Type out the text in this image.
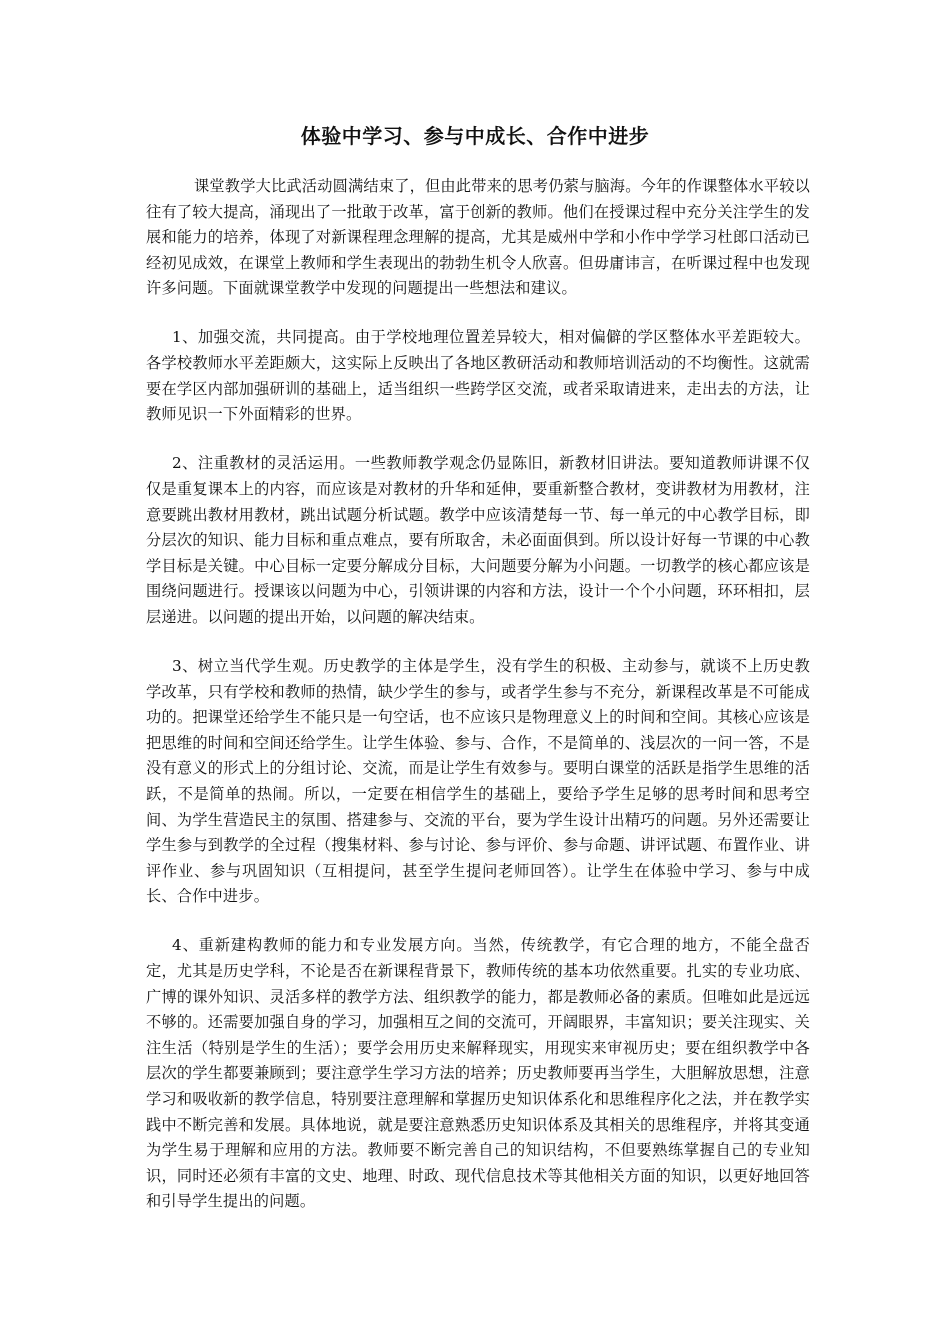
体验中学习、参与中成长、合作中进步

课堂教学大比武活动圆满结束了，但由此带来的思考仍萦与脑海。今年的作课整体水平较以往有了较大提高，涌现出了一批敢于改革，富于创新的教师。他们在授课过程中充分关注学生的发展和能力的培养，体现了对新课程理念理解的提高，尤其是威州中学和小作中学学习杜郎口活动已经初见成效，在课堂上教师和学生表现出的勃勃生机令人欣喜。但毋庸讳言，在听课过程中也发现许多问题。下面就课堂教学中发现的问题提出一些想法和建议。

1、加强交流，共同提高。由于学校地理位置差异较大，相对偏僻的学区整体水平差距较大。各学校教师水平差距颇大，这实际上反映出了各地区教研活动和教师培训活动的不均衡性。这就需要在学区内部加强研训的基础上，适当组织一些跨学区交流，或者采取请进来，走出去的方法，让教师见识一下外面精彩的世界。

2、注重教材的灵活运用。一些教师教学观念仍显陈旧，新教材旧讲法。要知道教师讲课不仅仅是重复课本上的内容，而应该是对教材的升华和延伸，要重新整合教材，变讲教材为用教材，注意要跳出教材用教材，跳出试题分析试题。教学中应该清楚每一节、每一单元的中心教学目标，即分层次的知识、能力目标和重点难点，要有所取舍，未必面面俱到。所以设计好每一节课的中心教学目标是关键。中心目标一定要分解成分目标，大问题要分解为小问题。一切教学的核心都应该是围绕问题进行。授课该以问题为中心，引领讲课的内容和方法，设计一个个小问题，环环相扣，层层递进。以问题的提出开始，以问题的解决结束。

3、树立当代学生观。历史教学的主体是学生，没有学生的积极、主动参与，就谈不上历史教学改革，只有学校和教师的热情，缺少学生的参与，或者学生参与不充分，新课程改革是不可能成功的。把课堂还给学生不能只是一句空话，也不应该只是物理意义上的时间和空间。其核心应该是把思维的时间和空间还给学生。让学生体验、参与、合作，不是简单的、浅层次的一问一答，不是没有意义的形式上的分组讨论、交流，而是让学生有效参与。要明白课堂的活跃是指学生思维的活跃，不是简单的热闹。所以，一定要在相信学生的基础上，要给予学生足够的思考时间和思考空间、为学生营造民主的氛围、搭建参与、交流的平台，要为学生设计出精巧的问题。另外还需要让学生参与到教学的全过程（搜集材料、参与讨论、参与评价、参与命题、讲评试题、布置作业、讲评作业、参与巩固知识（互相提问，甚至学生提问老师回答）。让学生在体验中学习、参与中成长、合作中进步。

4、重新建构教师的能力和专业发展方向。当然，传统教学，有它合理的地方，不能全盘否定，尤其是历史学科，不论是否在新课程背景下，教师传统的基本功依然重要。扎实的专业功底、广博的课外知识、灵活多样的教学方法、组织教学的能力，都是教师必备的素质。但唯如此是远远不够的。还需要加强自身的学习，加强相互之间的交流可，开阔眼界，丰富知识；要关注现实、关注生活（特别是学生的生活）；要学会用历史来解释现实，用现实来审视历史；要在组织教学中各层次的学生都要兼顾到；要注意学生学习方法的培养；历史教师要再当学生，大胆解放思想，注意 学习和吸收新的教学信息，特别要注意理解和掌握历史知识体系化和思维程序化之法，并在教学实践中不断完善和发展。具体地说，就是要注意熟悉历史知识体系及其相关的思维程序，并将其变通为学生易于理解和应用的方法。教师要不断完善自己的知识结构，不但要熟练掌握自己的专业知识，同时还必须有丰富的文史、地理、时政、现代信息技术等其他相关方面的知识，以更好地回答和引导学生提出的问题。
